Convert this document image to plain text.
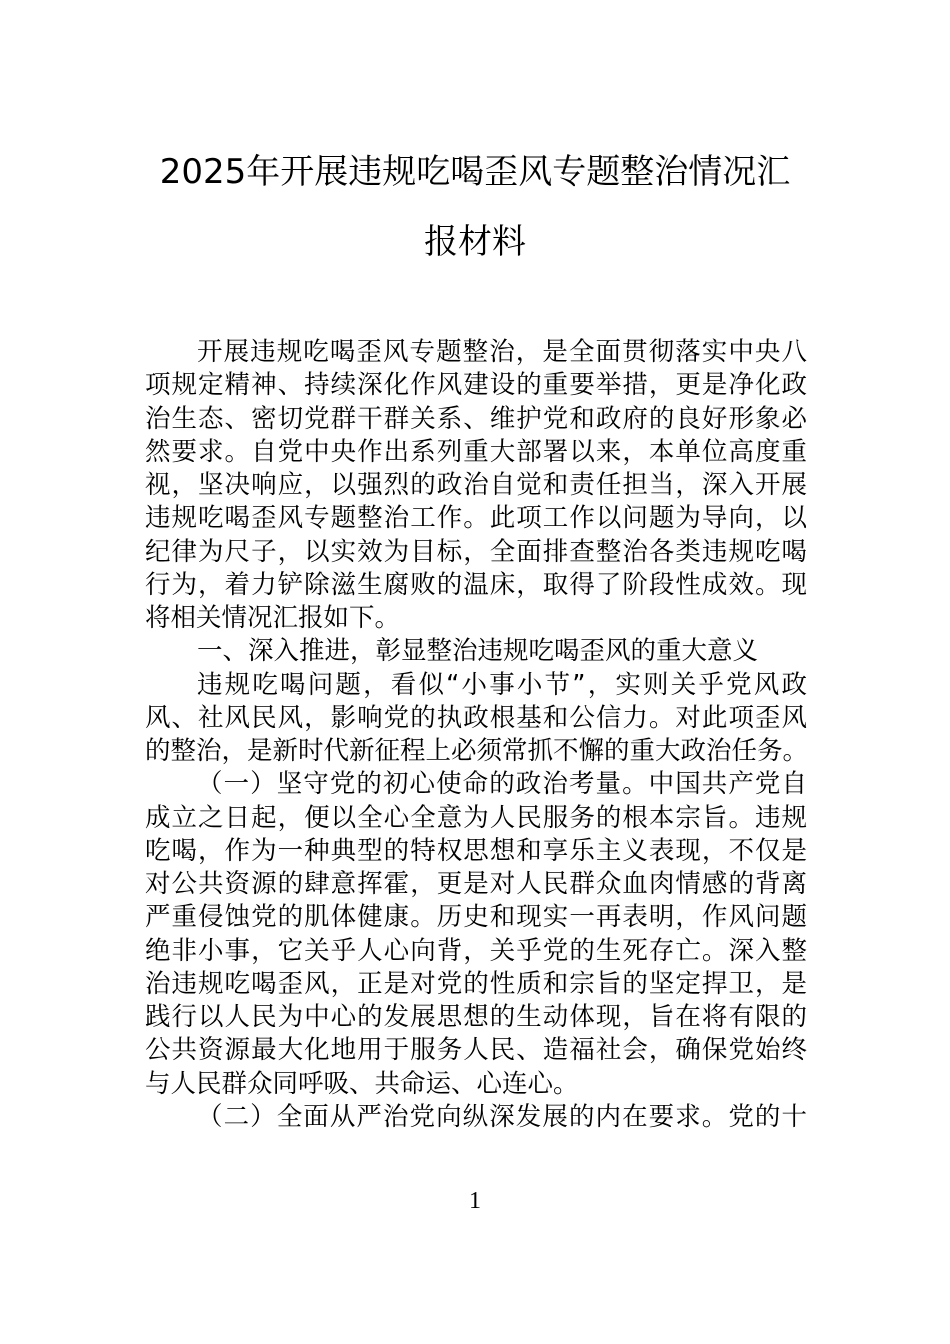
2025年开展违规吃喝歪风专题整治情况汇
报材料
开展违规吃喝歪风专题整治，是全面贯彻落实中央八
项规定精神、持续深化作风建设的重要举措，更是净化政
治生态、密切党群干群关系、维护党和政府的良好形象必
然要求。自党中央作出系列重大部署以来，本单位高度重
视，坚决响应，以强烈的政治自觉和责任担当，深入开展
违规吃喝歪风专题整治工作。此项工作以问题为导向，以
纪律为尺子，以实效为目标，全面排查整治各类违规吃喝
行为，着力铲除滋生腐败的温床，取得了阶段性成效。现
将相关情况汇报如下。
一、深入推进，彰显整治违规吃喝歪风的重大意义
违规吃喝问题，看似“小事小节”，实则关乎党风政
风、社风民风，影响党的执政根基和公信力。对此项歪风
的整治，是新时代新征程上必须常抓不懈的重大政治任务。
（一）坚守党的初心使命的政治考量。中国共产党自
成立之日起，便以全心全意为人民服务的根本宗旨。违规
吃喝，作为一种典型的特权思想和享乐主义表现，不仅是
对公共资源的肆意挥霍，更是对人民群众血肉情感的背离
严重侵蚀党的肌体健康。历史和现实一再表明，作风问题
绝非小事，它关乎人心向背，关乎党的生死存亡。深入整
治违规吃喝歪风，正是对党的性质和宗旨的坚定捍卫，是
践行以人民为中心的发展思想的生动体现，旨在将有限的
公共资源最大化地用于服务人民、造福社会，确保党始终
与人民群众同呼吸、共命运、心连心。
（二）全面从严治党向纵深发展的内在要求。党的十
1
